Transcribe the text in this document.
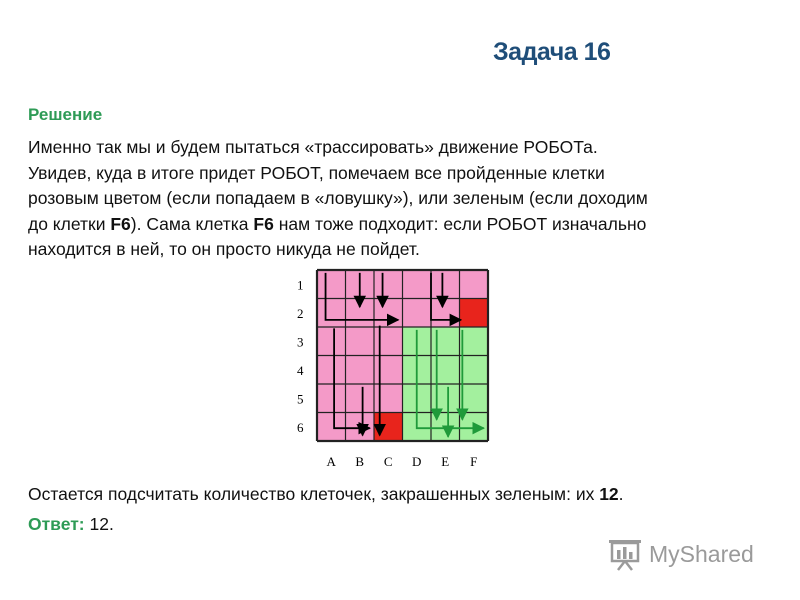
Задача 16
Решение
Именно так мы и будем пытаться «трассировать» движение РОБОТа.
Увидев, куда в итоге придет РОБОТ, помечаем все пройденные клетки
розовым цветом (если попадаем в «ловушку»), или зеленым (если доходим
до клетки F6). Сама клетка F6 нам тоже подходит: если РОБОТ изначально
находится в ней, то он просто никуда не пойдет.
1
2
3
4
5
6
A B C D E F
Остается подсчитать количество клеточек, закрашенных зеленым: их 12.
Ответ: 12.
MyShared
